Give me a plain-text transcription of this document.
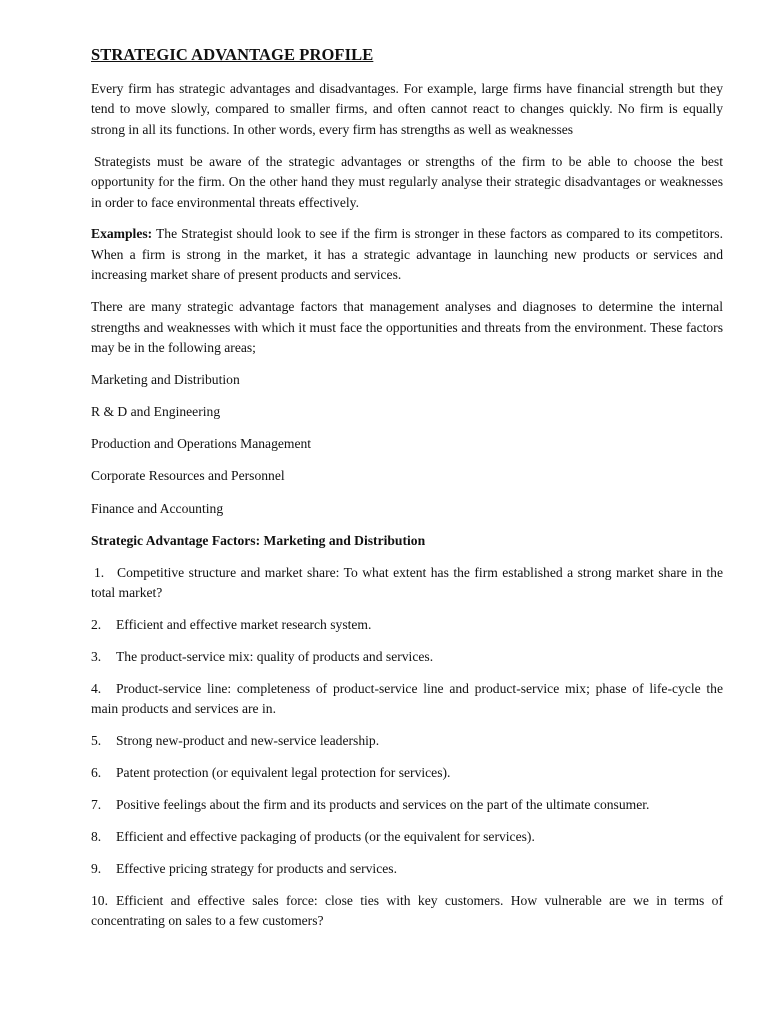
STRATEGIC ADVANTAGE PROFILE

Every firm has strategic advantages and disadvantages. For example, large firms have financial strength but they tend to move slowly, compared to smaller firms, and often cannot react to changes quickly. No firm is equally strong in all its functions. In other words, every firm has strengths as well as weaknesses

Strategists must be aware of the strategic advantages or strengths of the firm to be able to choose the best opportunity for the firm. On the other hand they must regularly analyse their strategic disadvantages or weaknesses in order to face environmental threats effectively.

Examples: The Strategist should look to see if the firm is stronger in these factors as compared to its competitors. When a firm is strong in the market, it has a strategic advantage in launching new products or services and increasing market share of present products and services.

There are many strategic advantage factors that management analyses and diagnoses to determine the internal strengths and weaknesses with which it must face the opportunities and threats from the environment. These factors may be in the following areas;

Marketing and Distribution
R & D and Engineering
Production and Operations Management
Corporate Resources and Personnel
Finance and Accounting
Strategic Advantage Factors: Marketing and Distribution
1. Competitive structure and market share: To what extent has the firm established a strong market share in the total market?
2. Efficient and effective market research system.
3. The product-service mix: quality of products and services.
4. Product-service line: completeness of product-service line and product-service mix; phase of life-cycle the main products and services are in.
5. Strong new-product and new-service leadership.
6. Patent protection (or equivalent legal protection for services).
7. Positive feelings about the firm and its products and services on the part of the ultimate consumer.
8. Efficient and effective packaging of products (or the equivalent for services).
9. Effective pricing strategy for products and services.
10. Efficient and effective sales force: close ties with key customers. How vulnerable are we in terms of concentrating on sales to a few customers?
